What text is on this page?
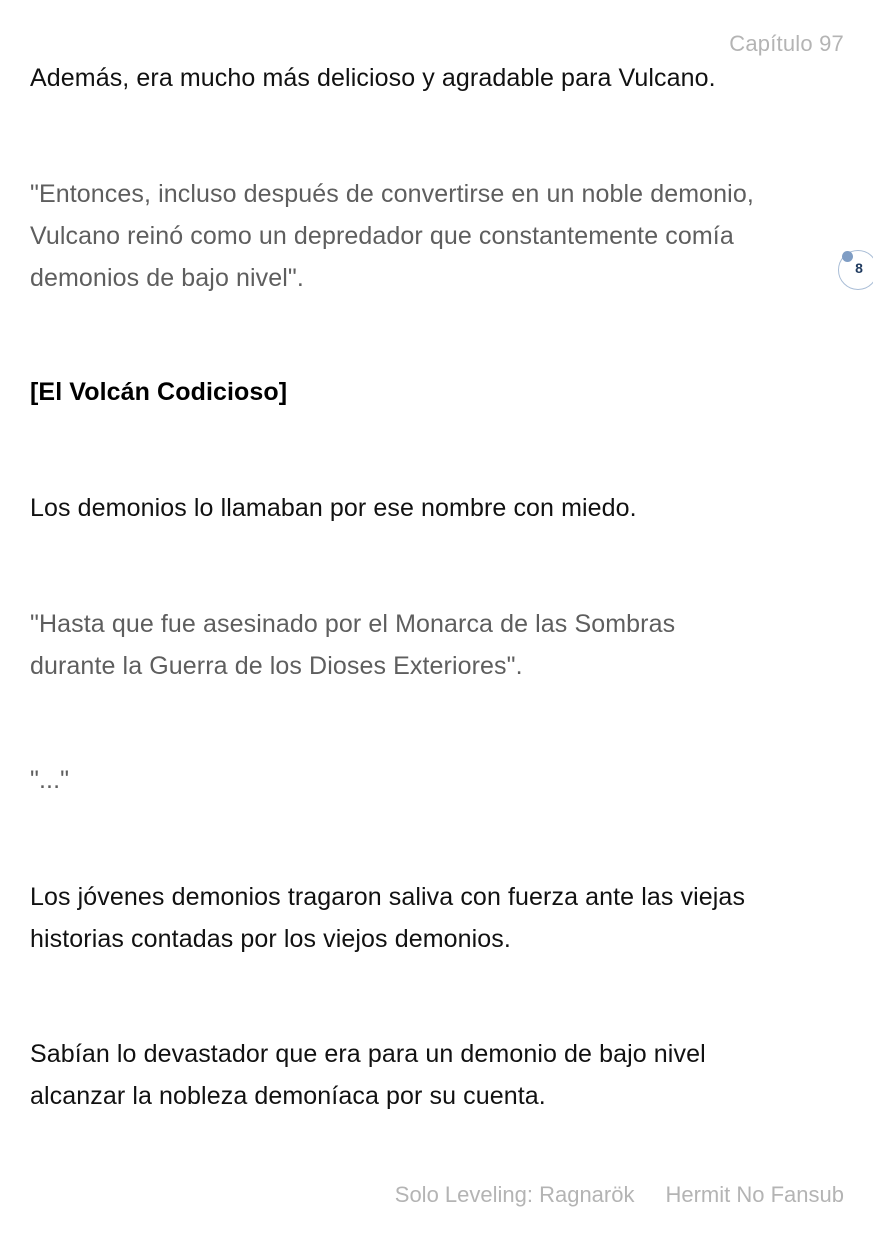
Capítulo 97
Además, era mucho más delicioso y agradable para Vulcano.
"Entonces, incluso después de convertirse en un noble demonio,
Vulcano reinó como un depredador que constantemente comía
demonios de bajo nivel".
[El Volcán Codicioso]
Los demonios lo llamaban por ese nombre con miedo.
"Hasta que fue asesinado por el Monarca de las Sombras
durante la Guerra de los Dioses Exteriores".
"..."
Los jóvenes demonios tragaron saliva con fuerza ante las viejas
historias contadas por los viejos demonios.
Sabían lo devastador que era para un demonio de bajo nivel
alcanzar la nobleza demoníaca por su cuenta.
8
Solo Leveling: Ragnarök Hermit No Fansub
